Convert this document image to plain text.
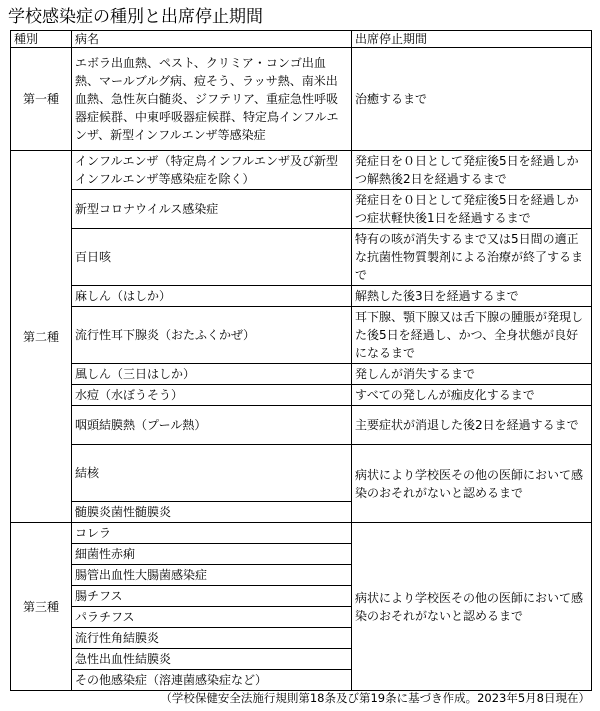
学校感染症の種別と出席停止期間
種別	病名	出席停止期間
第一種	エボラ出血熱、ペスト、クリミア・コンゴ出血熱、マールブルグ病、痘そう、ラッサ熱、南米出血熱、急性灰白髄炎、ジフテリア、重症急性呼吸器症候群、中東呼吸器症候群、特定鳥インフルエンザ、新型インフルエンザ等感染症	治癒するまで
第二種	インフルエンザ（特定鳥インフルエンザ及び新型インフルエンザ等感染症を除く）	発症日を０日として発症後5日を経過しかつ解熱後2日を経過するまで
	新型コロナウイルス感染症	発症日を０日として発症後5日を経過しかつ症状軽快後1日を経過するまで
	百日咳	特有の咳が消失するまで又は5日間の適正な抗菌性物質製剤による治療が終了するまで
	麻しん（はしか）	解熱した後3日を経過するまで
	流行性耳下腺炎（おたふくかぜ）	耳下腺、顎下腺又は舌下腺の腫脹が発現した後5日を経過し、かつ、全身状態が良好になるまで
	風しん（三日はしか）	発しんが消失するまで
	水痘（水ぼうそう）	すべての発しんが痂皮化するまで
	咽頭結膜熱（プール熱）	主要症状が消退した後2日を経過するまで
	結核	病状により学校医その他の医師において感染のおそれがないと認めるまで
	髄膜炎菌性髄膜炎	
第三種	コレラ	病状により学校医その他の医師において感染のおそれがないと認めるまで
	細菌性赤痢	
	腸管出血性大腸菌感染症	
	腸チフス	
	パラチフス	
	流行性角結膜炎	
	急性出血性結膜炎	
	その他感染症（溶連菌感染症など）	
（学校保健安全法施行規則第18条及び第19条に基づき作成。2023年5月8日現在）
